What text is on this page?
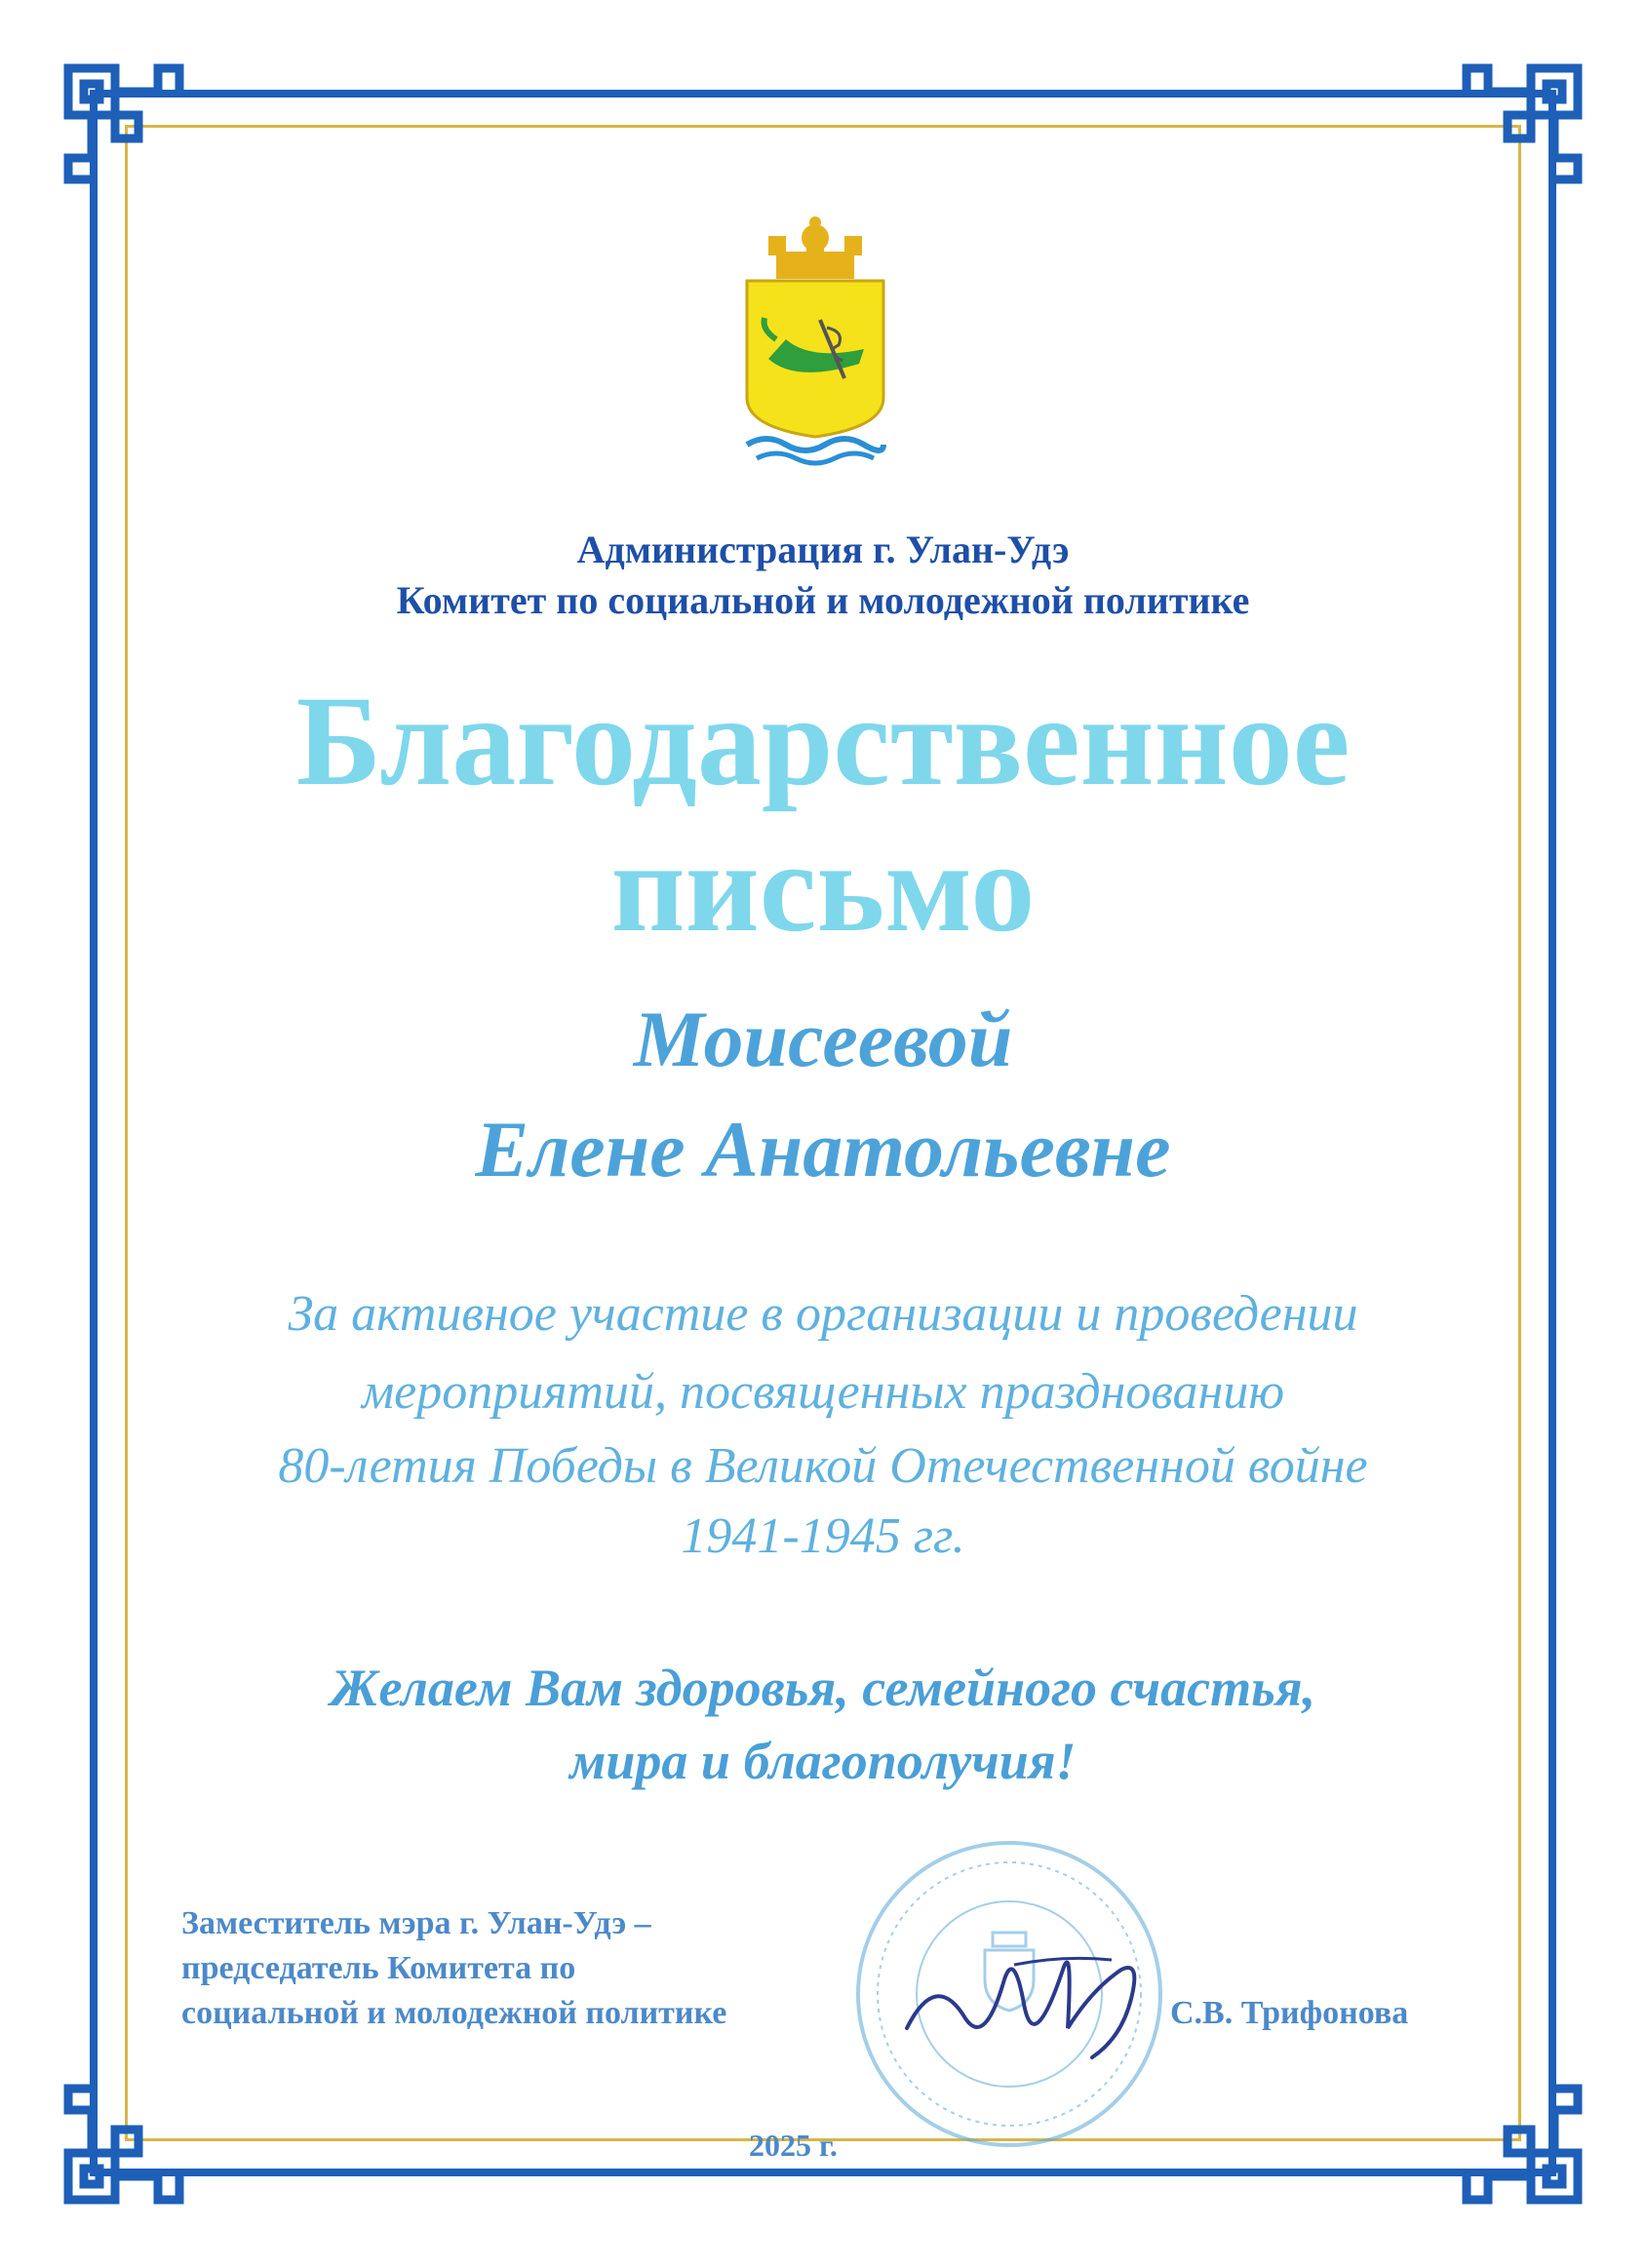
Администрация г. Улан-Удэ

Комитет по социальной и молодежной политике

Благодарственное

письмо

Моисеевой

Елене Анатольевне

За активное участие в организации и проведении

мероприятий, посвященных празднованию

80-летия Победы в Великой Отечественной войне

1941-1945 гг.

Желаем Вам здоровья, семейного счастья,

мира и благополучия!

Заместитель мэра г. Улан-Удэ –
председатель Комитета по
социальной и молодежной политике	С.В. Трифонова
2025 г.
